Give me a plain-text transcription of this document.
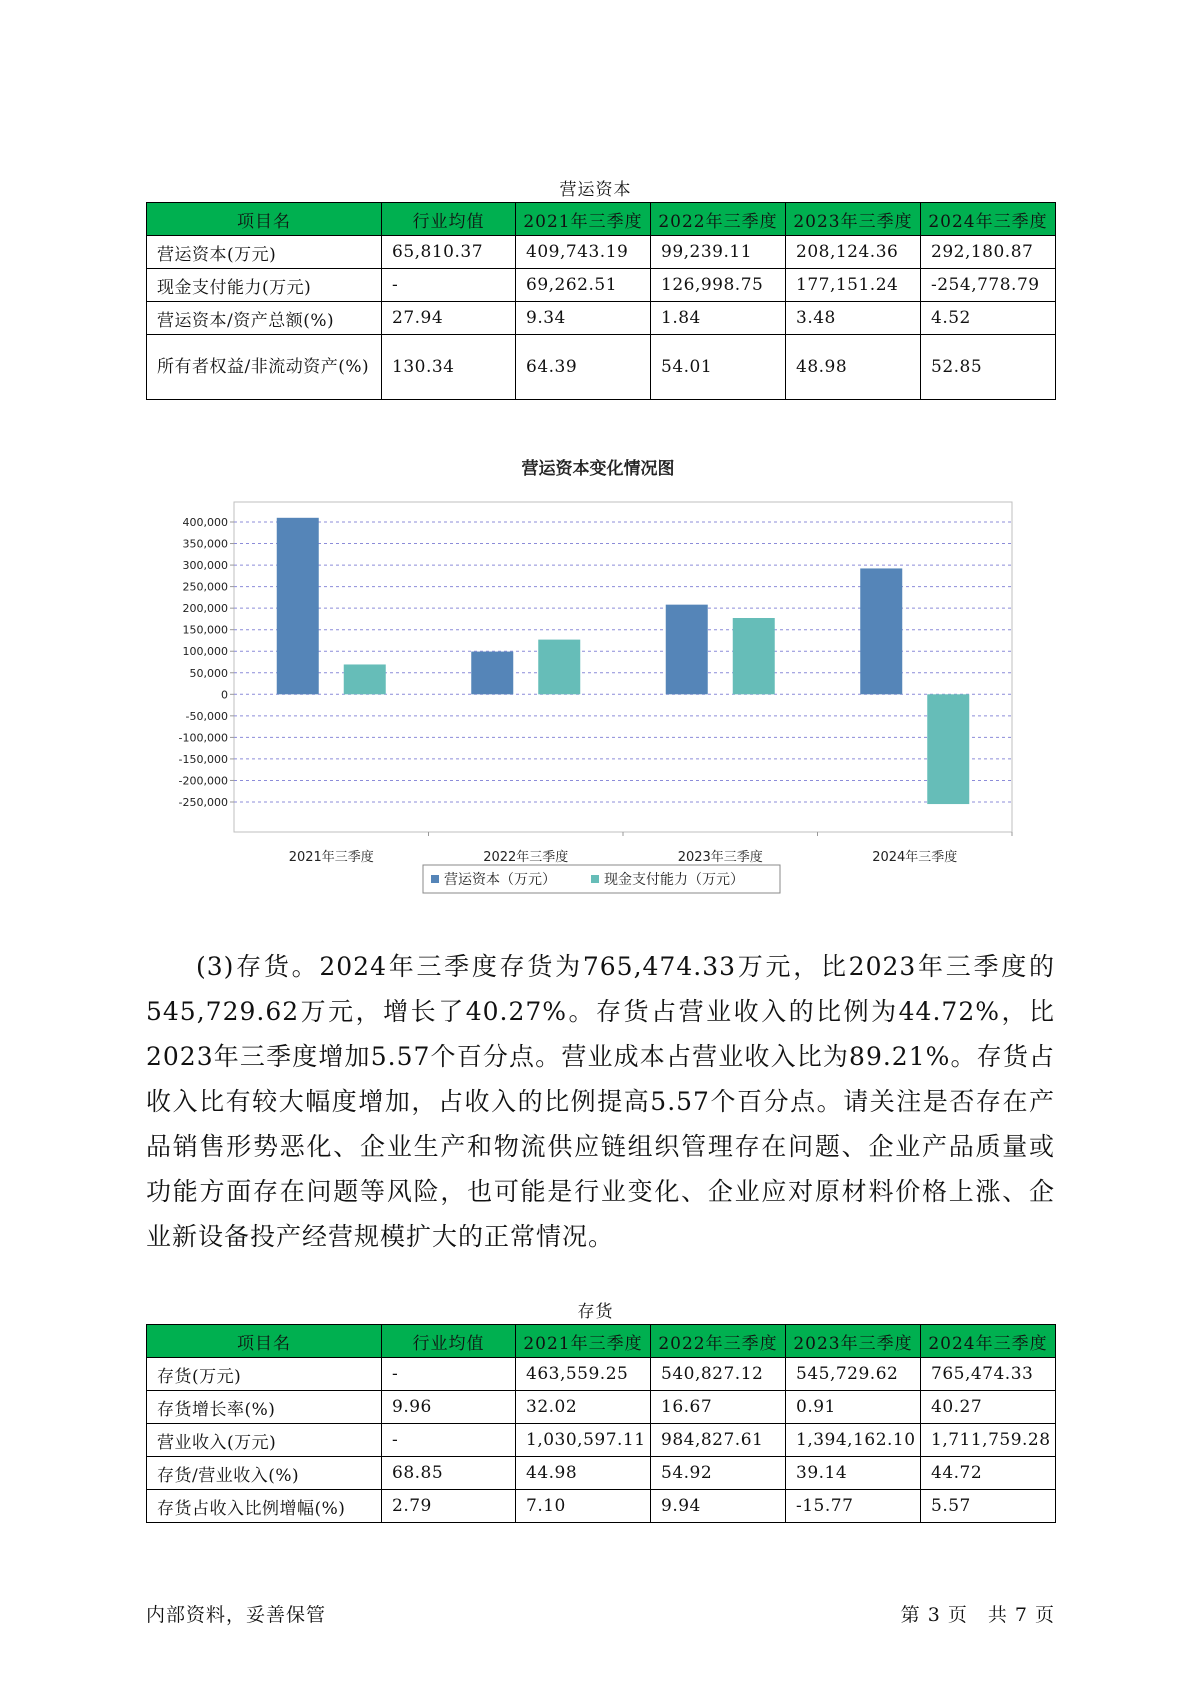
营运资本
项目名	行业均值	2021年三季度	2022年三季度	2023年三季度	2024年三季度
营运资本(万元)	65,810.37	409,743.19	99,239.11	208,124.36	292,180.87
现金支付能力(万元)	-	69,262.51	126,998.75	177,151.24	-254,778.79
营运资本/资产总额(%)	27.94	9.34	1.84	3.48	4.52
所有者权益/非流动资产(%)	130.34	64.39	54.01	48.98	52.85
营运资本变化情况图
400,000
350,000
300,000
250,000
200,000
150,000
100,000
50,000
0
-50,000
-100,000
-150,000
-200,000
-250,000
2021年三季度	2022年三季度	2023年三季度	2024年三季度
营运资本（万元）	现金支付能力（万元）

(3)存货。2024年三季度存货为765,474.33万元，比2023年三季度的545,729.62万元，增长了40.27%。存货占营业收入的比例为44.72%，比2023年三季度增加5.57个百分点。营业成本占营业收入比为89.21%。存货占收入比有较大幅度增加，占收入的比例提高5.57个百分点。请关注是否存在产品销售形势恶化、企业生产和物流供应链组织管理存在问题、企业产品质量或功能方面存在问题等风险，也可能是行业变化、企业应对原材料价格上涨、企业新设备投产经营规模扩大的正常情况。

存货
项目名	行业均值	2021年三季度	2022年三季度	2023年三季度	2024年三季度
存货(万元)	-	463,559.25	540,827.12	545,729.62	765,474.33
存货增长率(%)	9.96	32.02	16.67	0.91	40.27
营业收入(万元)	-	1,030,597.11	984,827.61	1,394,162.10	1,711,759.28
存货/营业收入(%)	68.85	44.98	54.92	39.14	44.72
存货占收入比例增幅(%)	2.79	7.10	9.94	-15.77	5.57
内部资料，妥善保管	第 3 页　共 7 页
